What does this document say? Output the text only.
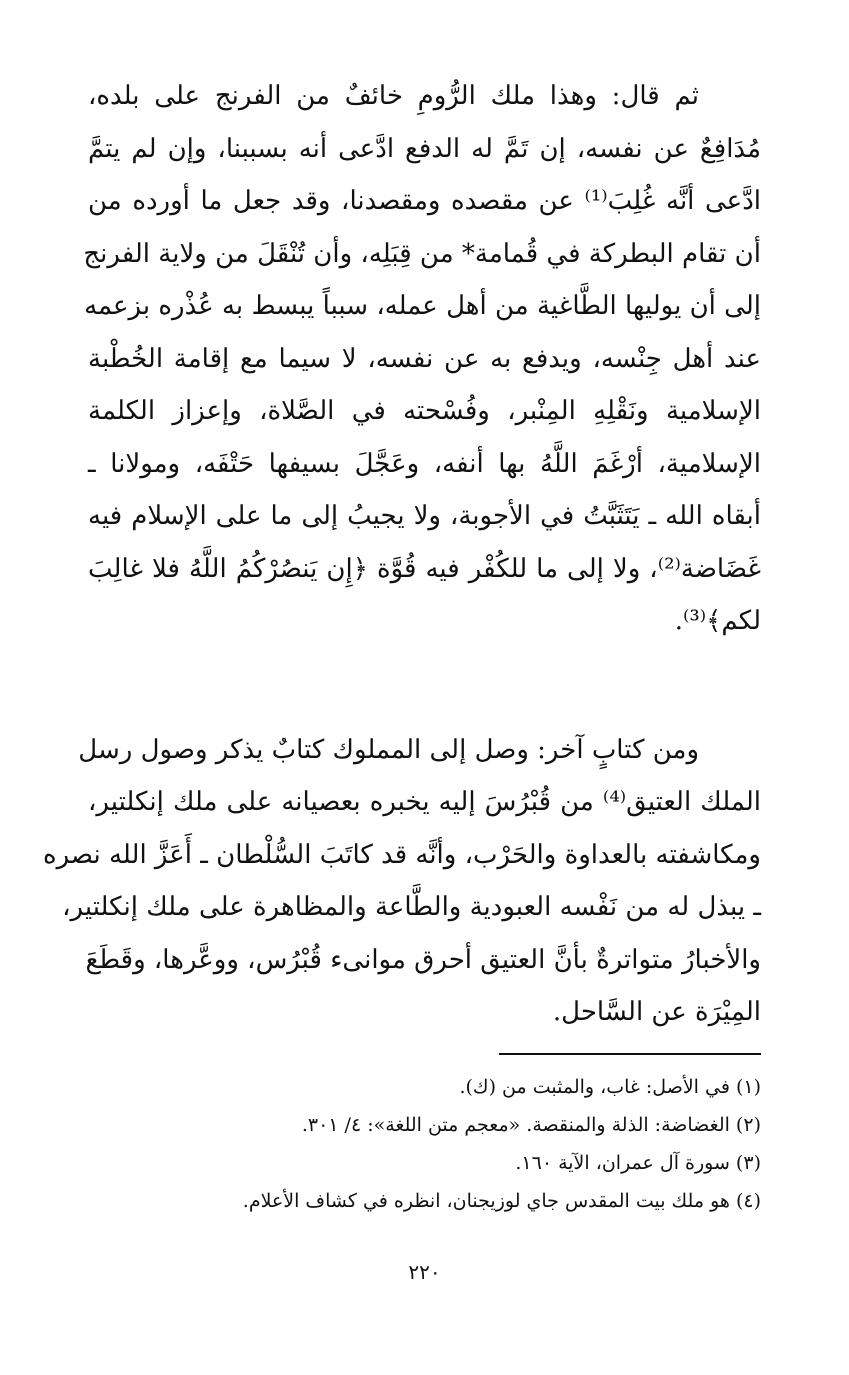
ثم قال: وهذا ملك الرُّومِ خائفٌ من الفرنج على بلده،
مُدَافِعٌ عن نفسه، إن تَمَّ له الدفع ادَّعى أنه بسببنا، وإن لم يتمَّ
ادَّعى أنَّه غُلِبَ⁽¹⁾ عن مقصده ومقصدنا، وقد جعل ما أورده من
أن تقام البطركة في قُمامة* من قِبَلِه، وأن تُنْقَلَ من ولاية الفرنج
إلى أن يوليها الطَّاغية من أهل عمله، سبباً يبسط به عُذْره بزعمه
عند أهل جِنْسه، ويدفع به عن نفسه، لا سيما مع إقامة الخُطْبة
الإسلامية ونَقْلِهِ المِنْبر، وفُسْحته في الصَّلاة، وإعزاز الكلمة
الإسلامية، أرْغَمَ اللَّهُ بها أنفه، وعَجَّلَ بسيفها حَتْفَه، ومولانا ـ
أبقاه الله ـ يَتَثَبَّتُ في الأجوبة، ولا يجيبُ إلى ما على الإسلام فيه
غَضَاضة⁽²⁾، ولا إلى ما للكُفْر فيه قُوَّة ﴿إِن يَنصُرْكُمُ اللَّهُ فلا غالِبَ
لكم﴾⁽³⁾.

ومن كتابٍ آخر: وصل إلى المملوك كتابٌ يذكر وصول رسل
الملك العتيق⁽⁴⁾ من قُبْرُسَ إليه يخبره بعصيانه على ملك إنكلتير،
ومكاشفته بالعداوة والحَرْب، وأنَّه قد كاتَبَ السُّلْطان ـ أَعَزَّ الله نصره
ـ يبذل له من نَفْسه العبودية والطَّاعة والمظاهرة على ملك إنكلتير،
والأخبارُ متواترةٌ بأنَّ العتيق أحرق موانىء قُبْرُس، ووعَّرها، وقَطَعَ
المِيْرَة عن السَّاحل.

(١) في الأصل: غاب، والمثبت من (ك).
(٢) الغضاضة: الذلة والمنقصة. «معجم متن اللغة»: ٤/ ٣٠١.
(٣) سورة آل عمران، الآية ١٦٠.
(٤) هو ملك بيت المقدس جاي لوزيجنان، انظره في كشاف الأعلام.
٢٢٠
